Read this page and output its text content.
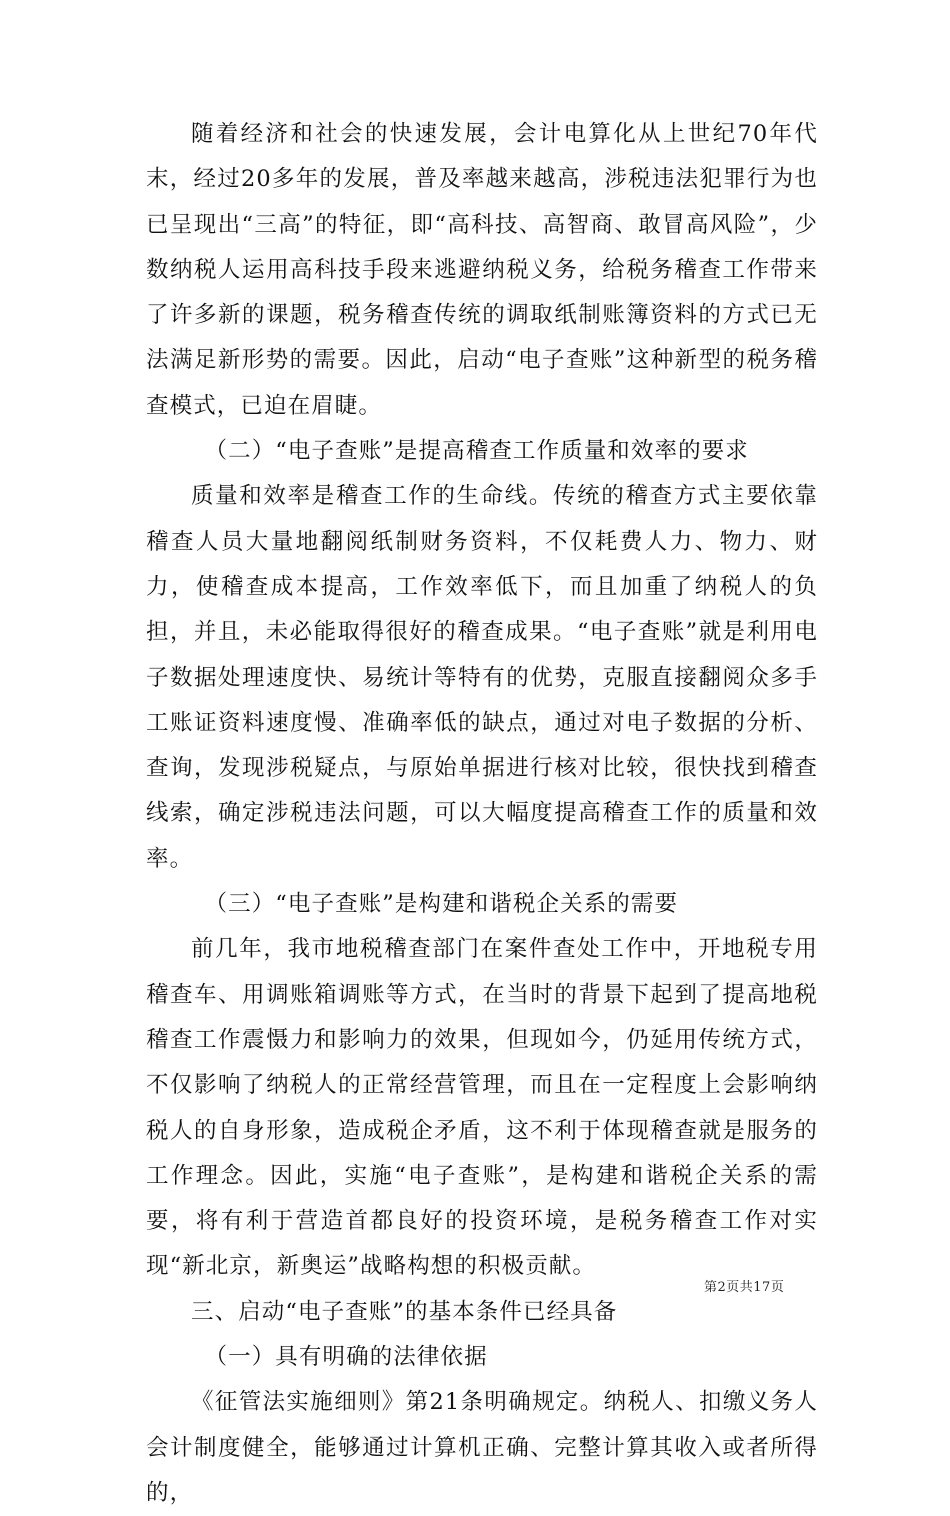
随着经济和社会的快速发展，会计电算化从上世纪70年代末，经过20多年的发展，普及率越来越高，涉税违法犯罪行为也已呈现出“三高”的特征，即“高科技、高智商、敢冒高风险”，少数纳税人运用高科技手段来逃避纳税义务，给税务稽查工作带来了许多新的课题，税务稽查传统的调取纸制账簿资料的方式已无法满足新形势的需要。因此，启动“电子查账”这种新型的税务稽查模式，已迫在眉睫。

（二）“电子查账”是提高稽查工作质量和效率的要求

质量和效率是稽查工作的生命线。传统的稽查方式主要依靠稽查人员大量地翻阅纸制财务资料，不仅耗费人力、物力、财力，使稽查成本提高，工作效率低下，而且加重了纳税人的负担，并且，未必能取得很好的稽查成果。“电子查账”就是利用电子数据处理速度快、易统计等特有的优势，克服直接翻阅众多手工账证资料速度慢、准确率低的缺点，通过对电子数据的分析、查询，发现涉税疑点，与原始单据进行核对比较，很快找到稽查线索，确定涉税违法问题，可以大幅度提高稽查工作的质量和效率。

（三）“电子查账”是构建和谐税企关系的需要

前几年，我市地税稽查部门在案件查处工作中，开地税专用稽查车、用调账箱调账等方式，在当时的背景下起到了提高地税稽查工作震慑力和影响力的效果，但现如今，仍延用传统方式，不仅影响了纳税人的正常经营管理，而且在一定程度上会影响纳税人的自身形象，造成税企矛盾，这不利于体现稽查就是服务的工作理念。因此，实施“电子查账”，是构建和谐税企关系的需要，将有利于营造首都良好的投资环境，是税务稽查工作对实现“新北京，新奥运”战略构想的积极贡献。

三、启动“电子查账”的基本条件已经具备

（一）具有明确的法律依据

《征管法实施细则》第21条明确规定。纳税人、扣缴义务人会计制度健全，能够通过计算机正确、完整计算其收入或者所得的，

第2页共17页
